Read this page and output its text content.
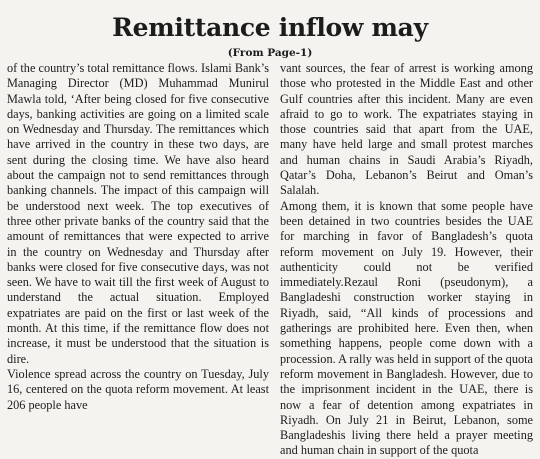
Remittance inflow may
(From Page-1)

of the country’s total remittance flows. Islami Bank’s Managing Director (MD) Muhammad Munirul Mawla told, ‘After being closed for five consecutive days, banking activities are going on a limited scale on Wednesday and Thursday. The remittances which have arrived in the country in these two days, are sent during the closing time. We have also heard about the campaign not to send remittances through banking channels. The impact of this campaign will be understood next week. The top executives of three other private banks of the country said that the amount of remittances that were expected to arrive in the country on Wednesday and Thursday after banks were closed for five consecutive days, was not seen. We have to wait till the first week of August to understand the actual situation. Employed expatriates are paid on the first or last week of the month. At this time, if the remittance flow does not increase, it must be understood that the situation is dire.

Violence spread across the country on Tuesday, July 16, centered on the quota reform movement. At least 206 people have

vant sources, the fear of arrest is working among those who protested in the Middle East and other Gulf countries after this incident. Many are even afraid to go to work. The expatriates staying in those countries said that apart from the UAE, many have held large and small protest marches and human chains in Saudi Arabia’s Riyadh, Qatar’s Doha, Lebanon’s Beirut and Oman’s Salalah.

Among them, it is known that some people have been detained in two countries besides the UAE for marching in favor of Bangladesh’s quota reform movement on July 19. However, their authenticity could not be verified immediately.Rezaul Roni (pseudonym), a Bangladeshi construction worker staying in Riyadh, said, “All kinds of processions and gatherings are prohibited here. Even then, when something happens, people come down with a procession. A rally was held in support of the quota reform movement in Bangladesh. However, due to the imprisonment incident in the UAE, there is now a fear of detention among expatriates in Riyadh. On July 21 in Beirut, Lebanon, some Bangladeshis living there held a prayer meeting and human chain in support of the quota
